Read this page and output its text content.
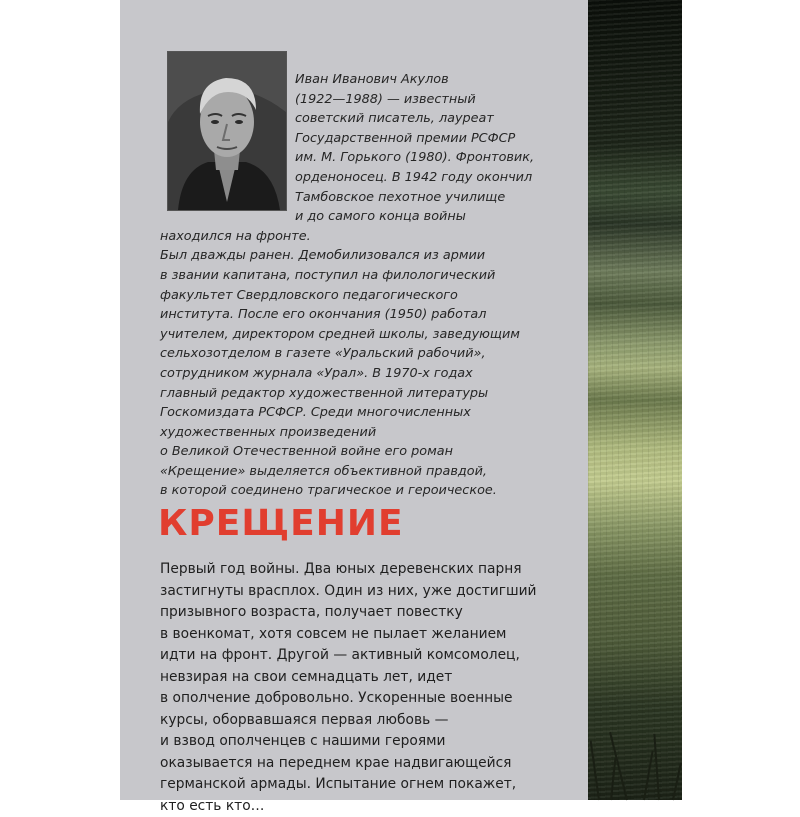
Иван Иванович Акулов
(1922—1988) — известный
советский писатель, лауреат
Государственной премии РСФСР
им. М. Горького (1980). Фронтовик,
орденоносец. В 1942 году окончил
Тамбовское пехотное училище
и до самого конца войны
находился на фронте.
Был дважды ранен. Демобилизовался из армии
в звании капитана, поступил на филологический
факультет Свердловского педагогического
института. После его окончания (1950) работал
учителем, директором средней школы, заведующим
сельхозотделом в газете «Уральский рабочий»,
сотрудником журнала «Урал». В 1970-х годах
главный редактор художественной литературы
Госкомиздата РСФСР. Среди многочисленных
художественных произведений
о Великой Отечественной войне его роман
«Крещение» выделяется объективной правдой,
в которой соединено трагическое и героическое.
КРЕЩЕНИЕ
Первый год войны. Два юных деревенских парня
застигнуты врасплох. Один из них, уже достигший
призывного возраста, получает повестку
в военкомат, хотя совсем не пылает желанием
идти на фронт. Другой — активный комсомолец,
невзирая на свои семнадцать лет, идет
в ополчение добровольно. Ускоренные военные
курсы, оборвавшаяся первая любовь —
и взвод ополченцев с нашими героями
оказывается на переднем крае надвигающейся
германской армады. Испытание огнем покажет,
кто есть кто…
